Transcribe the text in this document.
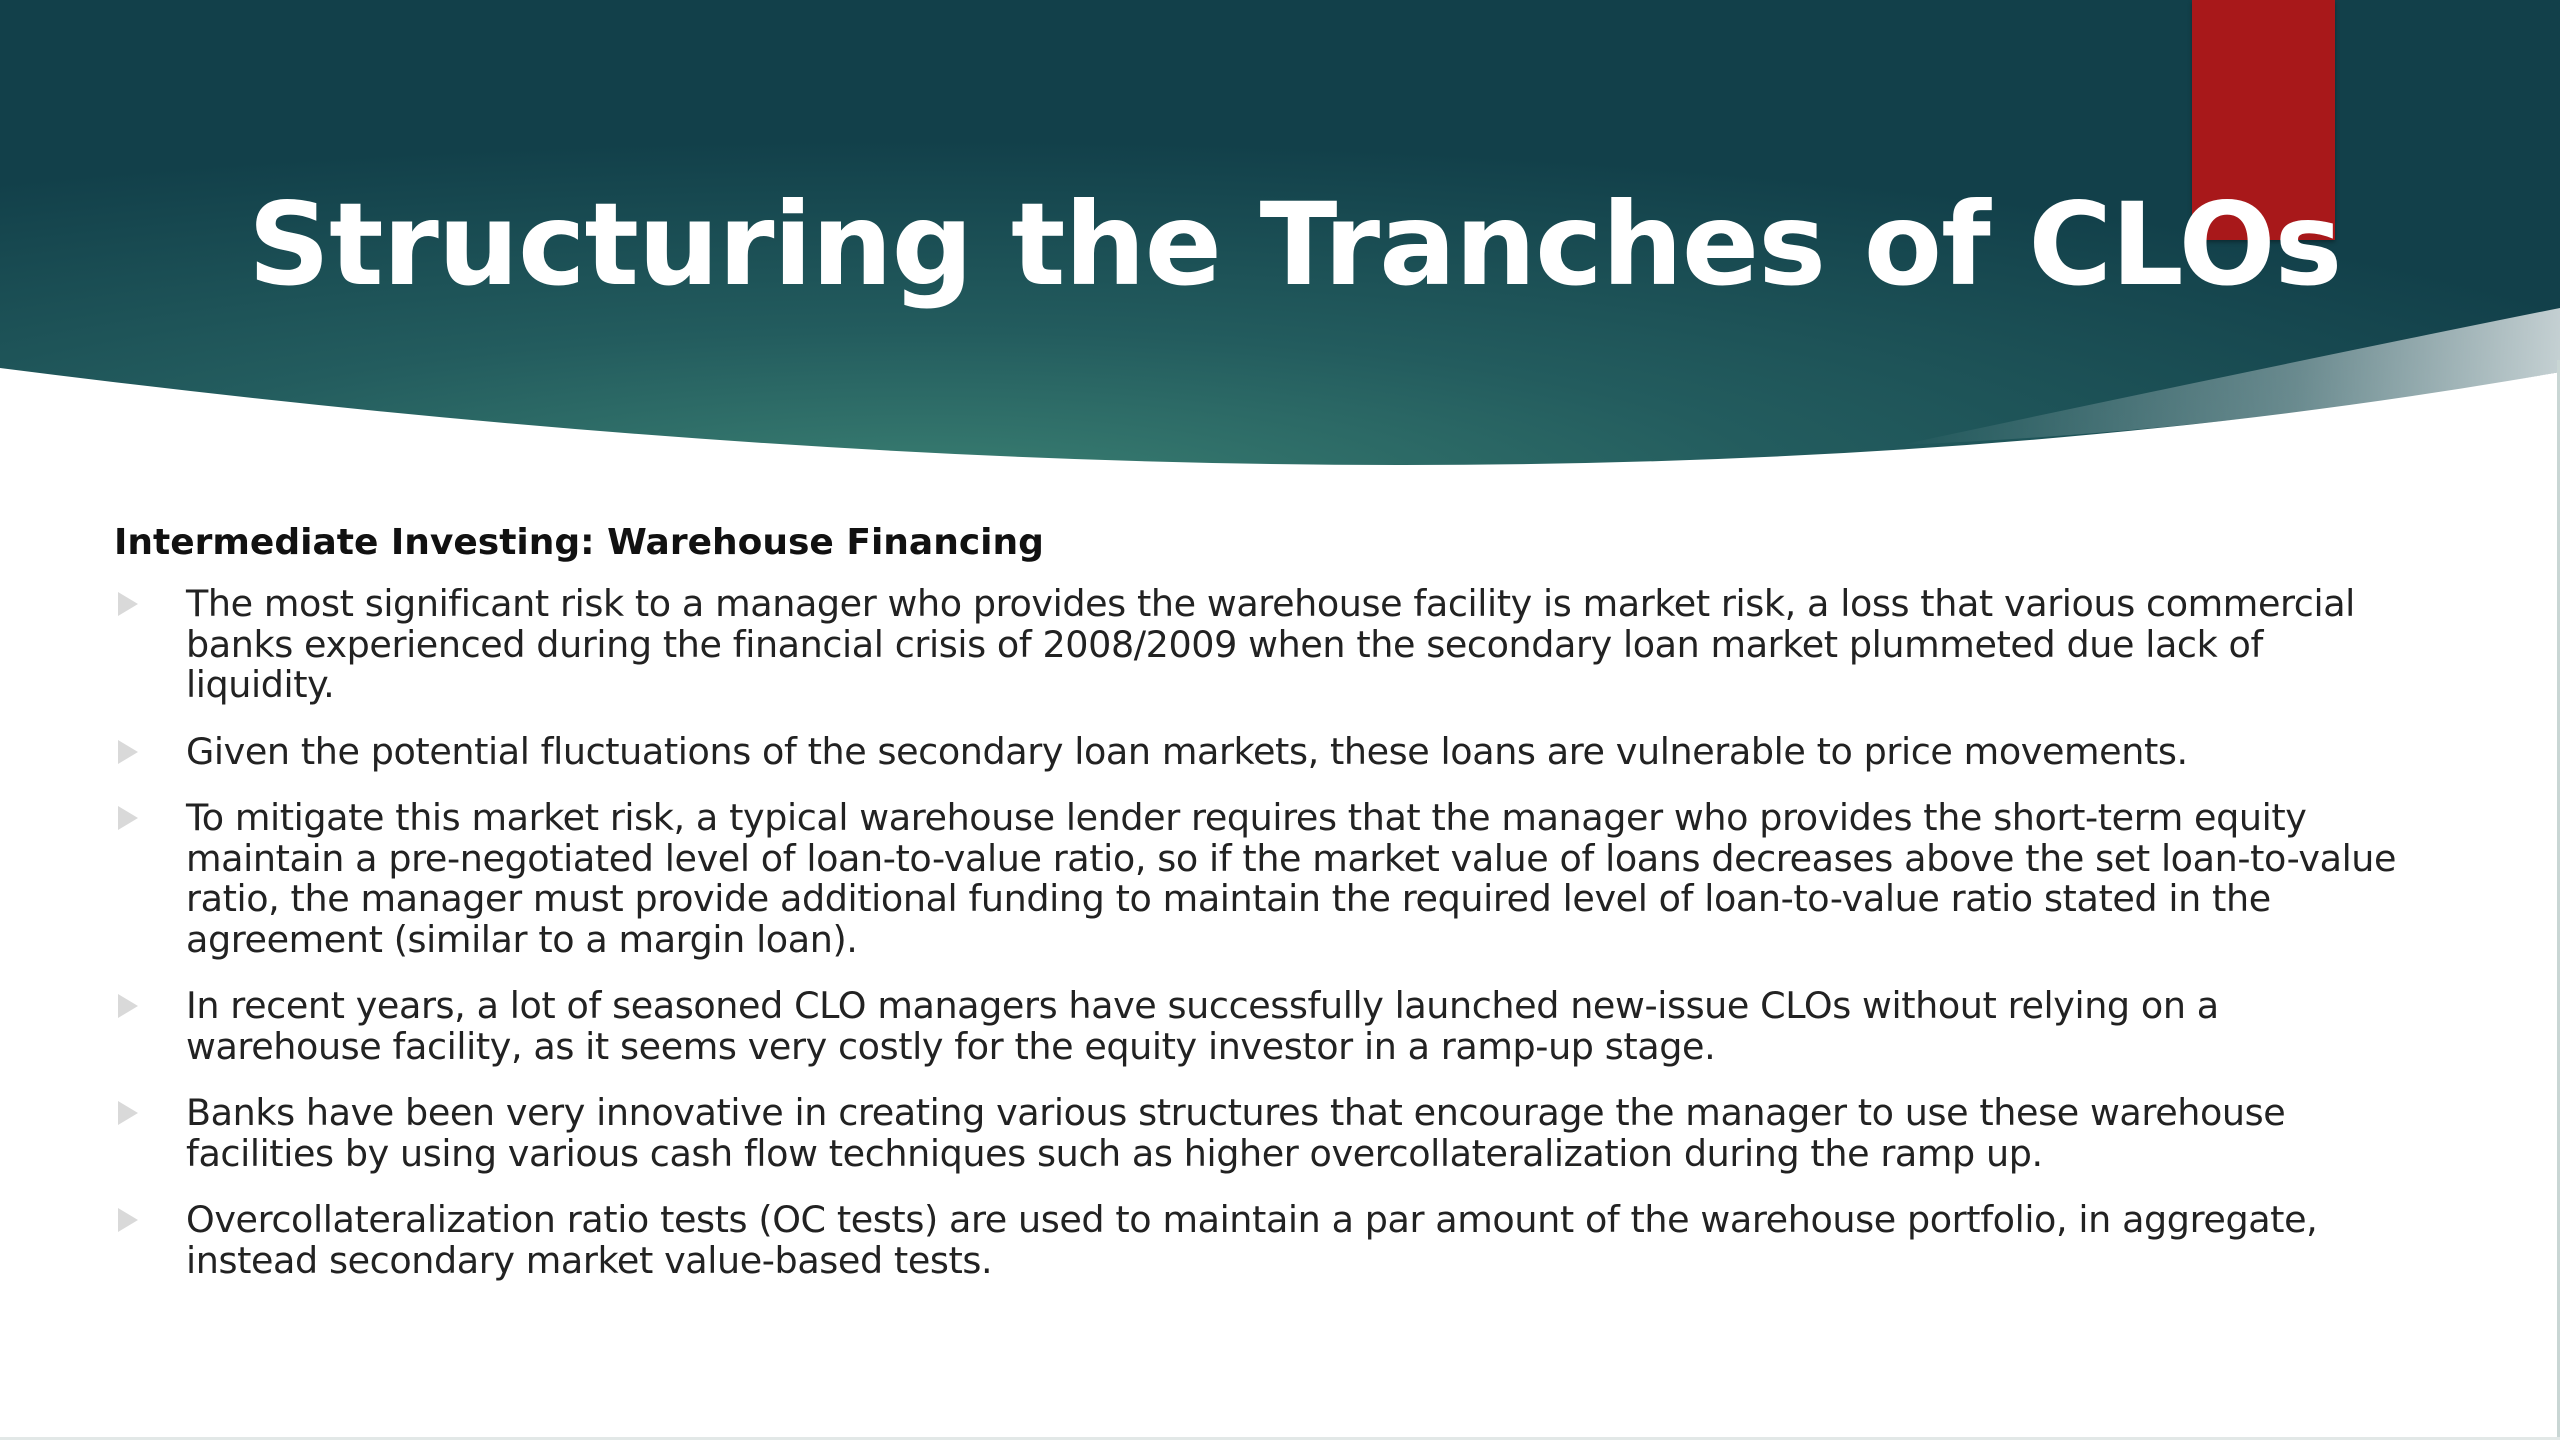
Structuring the Tranches of CLOs
Intermediate Investing: Warehouse Financing
The most significant risk to a manager who provides the warehouse facility is market risk, a loss that various commercial banks experienced during the financial crisis of 2008/2009 when the secondary loan market plummeted due lack of liquidity.
Given the potential fluctuations of the secondary loan markets, these loans are vulnerable to price movements.
To mitigate this market risk, a typical warehouse lender requires that the manager who provides the short-term equity maintain a pre-negotiated level of loan-to-value ratio, so if the market value of loans decreases above the set loan-to-value ratio, the manager must provide additional funding to maintain the required level of loan-to-value ratio stated in the agreement (similar to a margin loan).
In recent years, a lot of seasoned CLO managers have successfully launched new-issue CLOs without relying on a warehouse facility, as it seems very costly for the equity investor in a ramp-up stage.
Banks have been very innovative in creating various structures that encourage the manager to use these warehouse facilities by using various cash flow techniques such as higher overcollateralization during the ramp up.
Overcollateralization ratio tests (OC tests) are used to maintain a par amount of the warehouse portfolio, in aggregate, instead secondary market value-based tests.
